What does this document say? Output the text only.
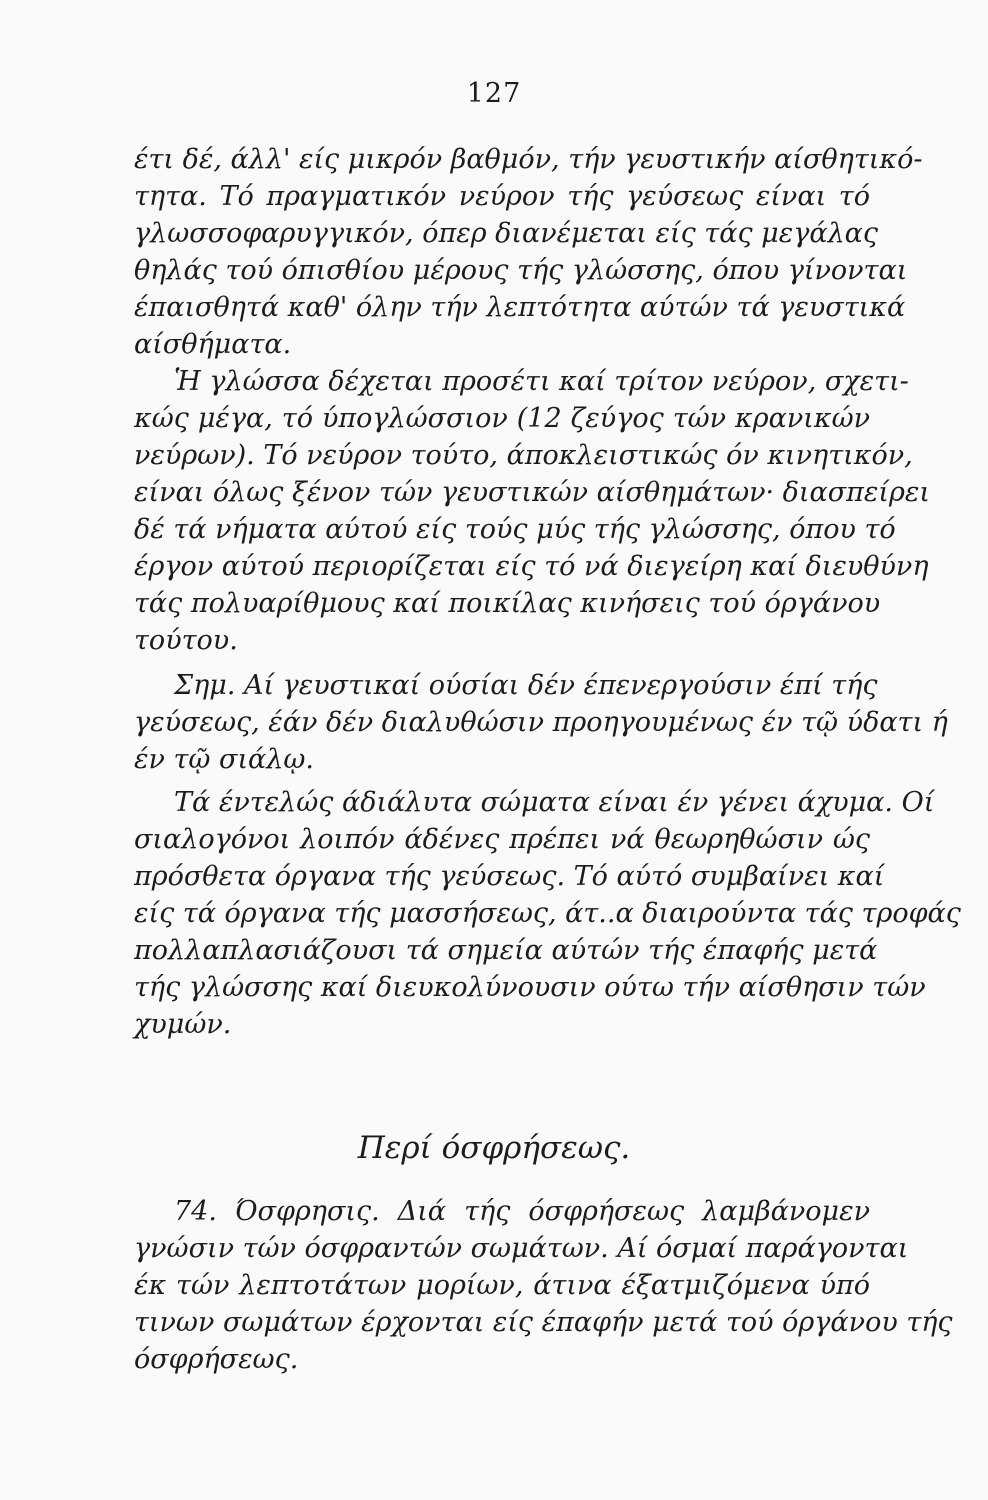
127
έτι δέ, άλλ' είς μικρόν βαθμόν, τήν γευστικήν αίσθητικό-
τητα. Τό πραγματικόν νεύρον τής γεύσεως είναι τό
γλωσσοφαρυγγικόν, όπερ διανέμεται είς τάς μεγάλας
θηλάς τού όπισθίου μέρους τής γλώσσης, όπου γίνονται
έπαισθητά καθ' όλην τήν λεπτότητα αύτών τά γευστικά
αίσθήματα.
Ἡ γλώσσα δέχεται προσέτι καί τρίτον νεύρον, σχετι-
κώς μέγα, τό ύπογλώσσιον (12 ζεύγος τών κρανικών
νεύρων). Τό νεύρον τούτο, άποκλειστικώς όν κινητικόν,
είναι όλως ξένον τών γευστικών αίσθημάτων· διασπείρει
δέ τά νήματα αύτού είς τούς μύς τής γλώσσης, όπου τό
έργον αύτού περιορίζεται είς τό νά διεγείρη καί διευθύνη
τάς πολυαρίθμους καί ποικίλας κινήσεις τού όργάνου
τούτου.
Σημ. Αί γευστικαί ούσίαι δέν έπενεργούσιν έπί τής
γεύσεως, έάν δέν διαλυθώσιν προηγουμένως έν τῷ ύδατι ή
έν τῷ σιάλῳ.
Τά έντελώς άδιάλυτα σώματα είναι έν γένει άχυμα. Οί
σιαλογόνοι λοιπόν άδένες πρέπει νά θεωρηθώσιν ώς
πρόσθετα όργανα τής γεύσεως. Τό αύτό συμβαίνει καί
είς τά όργανα τής μασσήσεως, άτ..α διαιρούντα τάς τροφάς
πολλαπλασιάζουσι τά σημεία αύτών τής έπαφής μετά
τής γλώσσης καί διευκολύνουσιν ούτω τήν αίσθησιν τών
χυμών.
Περί όσφρήσεως.
74. Όσφρησις. Διά τής όσφρήσεως λαμβάνομεν
γνώσιν τών όσφραντών σωμάτων. Αί όσμαί παράγονται
έκ τών λεπτοτάτων μορίων, άτινα έξατμιζόμενα ύπό
τινων σωμάτων έρχονται είς έπαφήν μετά τού όργάνου τής
όσφρήσεως.
